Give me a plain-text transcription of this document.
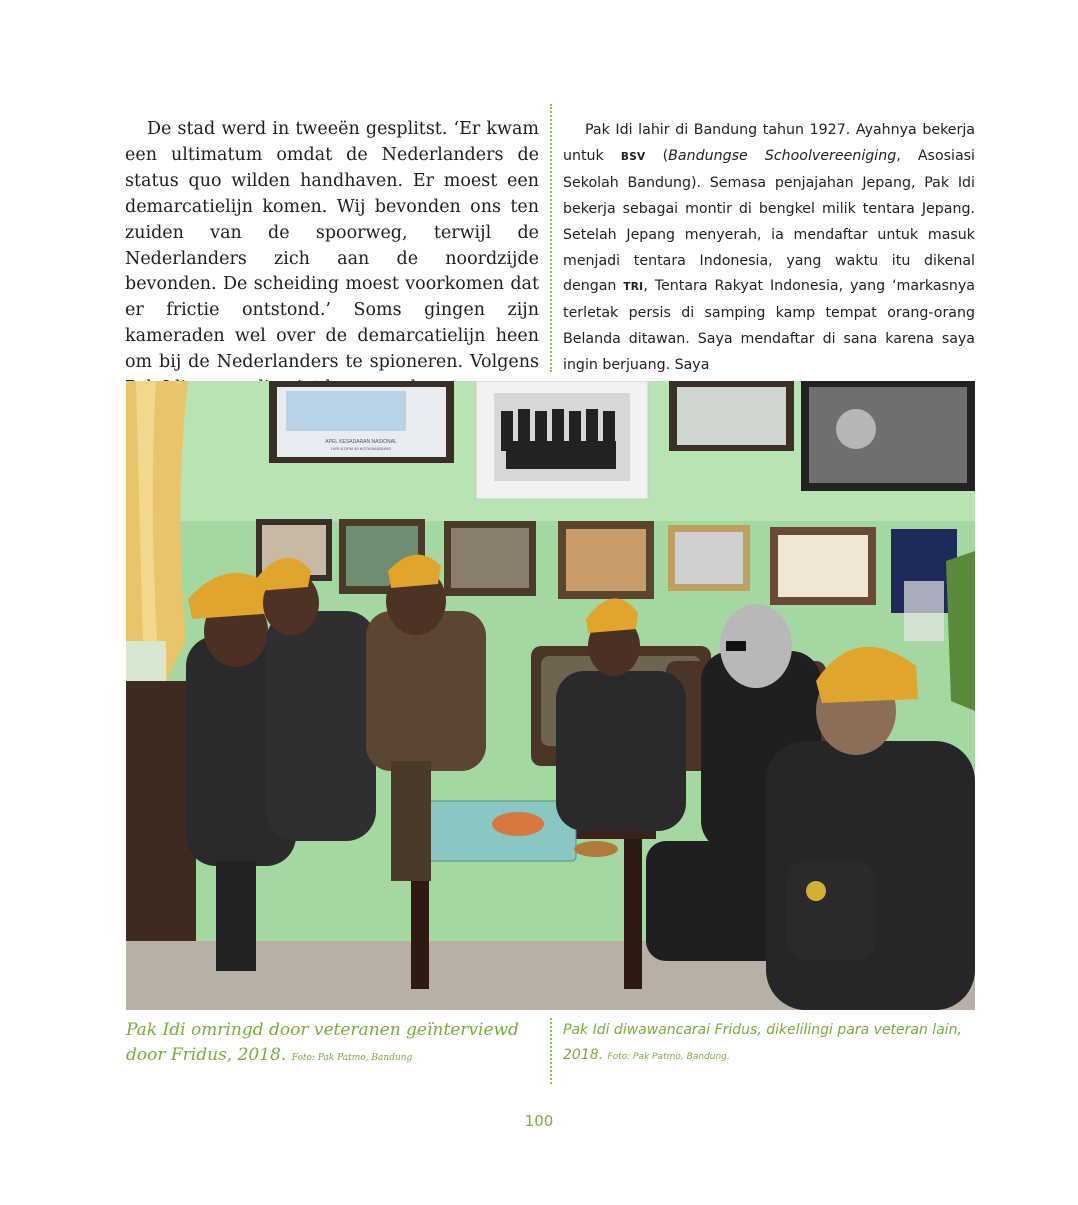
De stad werd in tweeën gesplitst. ‘Er kwam een ultimatum omdat de Nederlanders de status quo wilden handhaven. Er moest een demarcatielijn komen. Wij bevonden ons ten zuiden van de spoorweg, terwijl de Nederlanders zich aan de noordzijde bevonden. De scheiding moest voorkomen dat er frictie ontstond.’ Soms gingen zijn kameraden wel over de demarcatielijn heen om bij de Nederlanders te spioneren. Volgens

Pak Idi lahir di Bandung tahun 1927. Ayahnya bekerja untuk BSV (Bandungse Schoolvereeniging, Asosiasi Sekolah Bandung). Semasa penjajahan Jepang, Pak Idi bekerja sebagai montir di bengkel milik tentara Jepang. Setelah Jepang menyerah, ia mendaftar untuk masuk menjadi tentara Indonesia, yang waktu itu dikenal dengan TRI, Tentara Rakyat Indonesia, yang ‘markasnya terletak persis di samping kamp tempat orang-orang Belanda ditawan. Saya mendaftar di sana karena saya ingin berjuang. Saya

APEL KESADARAN NASIONAL
LVRI & DPM 45 KOTA BANDUNG
Pak Idi omringd door veteranen geïnterviewd door Fridus, 2018. Foto: Pak Patmo, Bandung
Pak Idi diwawancarai Fridus, dikelilingi para veteran lain, 2018. Foto: Pak Patmo, Bandung.
100
